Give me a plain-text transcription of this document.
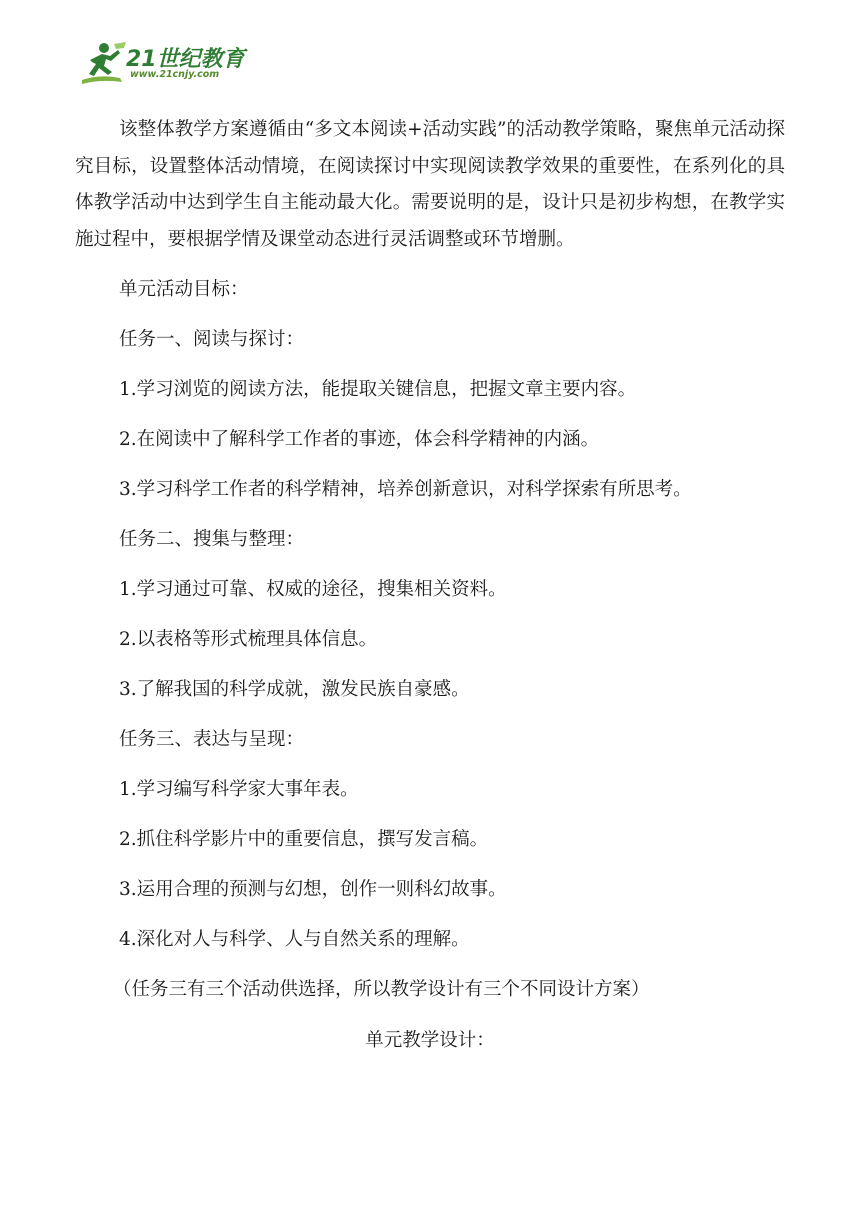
21世纪教育
www.21cnjy.com

该整体教学方案遵循由“多文本阅读+活动实践”的活动教学策略，聚焦单元活动探究目标，设置整体活动情境，在阅读探讨中实现阅读教学效果的重要性，在系列化的具体教学活动中达到学生自主能动最大化。需要说明的是，设计只是初步构想，在教学实施过程中，要根据学情及课堂动态进行灵活调整或环节增删。

单元活动目标：

任务一、阅读与探讨：

1.学习浏览的阅读方法，能提取关键信息，把握文章主要内容。

2.在阅读中了解科学工作者的事迹，体会科学精神的内涵。

3.学习科学工作者的科学精神，培养创新意识，对科学探索有所思考。

任务二、搜集与整理：

1.学习通过可靠、权威的途径，搜集相关资料。

2.以表格等形式梳理具体信息。

3.了解我国的科学成就，激发民族自豪感。

任务三、表达与呈现：

1.学习编写科学家大事年表。

2.抓住科学影片中的重要信息，撰写发言稿。

3.运用合理的预测与幻想，创作一则科幻故事。

4.深化对人与科学、人与自然关系的理解。

（任务三有三个活动供选择，所以教学设计有三个不同设计方案）

单元教学设计：
